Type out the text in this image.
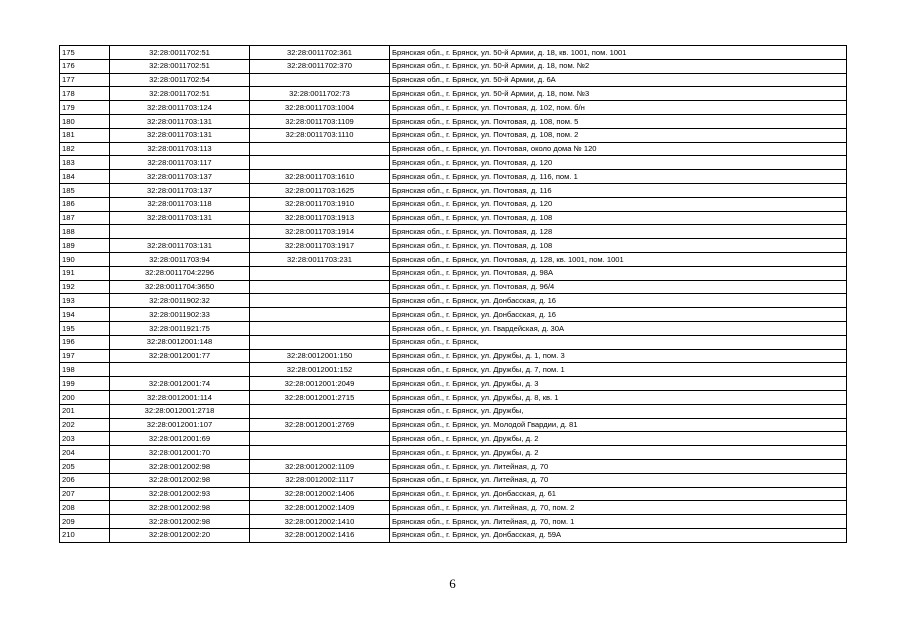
175	32:28:0011702:51	32:28:0011702:361	Брянская обл., г. Брянск, ул. 50-й Армии, д. 18, кв. 1001, пом. 1001
176	32:28:0011702:51	32:28:0011702:370	Брянская обл., г. Брянск, ул. 50-й Армии, д. 18, пом. №2
177	32:28:0011702:54		Брянская обл., г. Брянск, ул. 50-й Армии, д. 6А
178	32:28:0011702:51	32:28:0011702:73	Брянская обл., г. Брянск, ул. 50-й Армии, д. 18, пом. №3
179	32:28:0011703:124	32:28:0011703:1004	Брянская обл., г. Брянск, ул. Почтовая, д. 102, пом. б/н
180	32:28:0011703:131	32:28:0011703:1109	Брянская обл., г. Брянск, ул. Почтовая, д. 108, пом. 5
181	32:28:0011703:131	32:28:0011703:1110	Брянская обл., г. Брянск, ул. Почтовая, д. 108, пом. 2
182	32:28:0011703:113		Брянская обл., г. Брянск, ул. Почтовая, около дома № 120
183	32:28:0011703:117		Брянская обл., г. Брянск, ул. Почтовая, д. 120
184	32:28:0011703:137	32:28:0011703:1610	Брянская обл., г. Брянск, ул. Почтовая, д. 116, пом. 1
185	32:28:0011703:137	32:28:0011703:1625	Брянская обл., г. Брянск, ул. Почтовая, д. 116
186	32:28:0011703:118	32:28:0011703:1910	Брянская обл., г. Брянск, ул. Почтовая, д. 120
187	32:28:0011703:131	32:28:0011703:1913	Брянская обл., г. Брянск, ул. Почтовая, д. 108
188		32:28:0011703:1914	Брянская обл., г. Брянск, ул. Почтовая, д. 128
189	32:28:0011703:131	32:28:0011703:1917	Брянская обл., г. Брянск, ул. Почтовая, д. 108
190	32:28:0011703:94	32:28:0011703:231	Брянская обл., г. Брянск, ул. Почтовая, д. 128, кв. 1001, пом. 1001
191	32:28:0011704:2296		Брянская обл., г. Брянск, ул. Почтовая, д. 98А
192	32:28:0011704:3650		Брянская обл., г. Брянск, ул. Почтовая, д. 96/4
193	32:28:0011902:32		Брянская обл., г. Брянск, ул. Донбасская, д. 16
194	32:28:0011902:33		Брянская обл., г. Брянск, ул. Донбасская, д. 16
195	32:28:0011921:75		Брянская обл., г. Брянск, ул. Гвардейская, д. 30А
196	32:28:0012001:148		Брянская обл., г. Брянск,
197	32:28:0012001:77	32:28:0012001:150	Брянская обл., г. Брянск, ул. Дружбы, д. 1, пом. 3
198		32:28:0012001:152	Брянская обл., г. Брянск, ул. Дружбы, д. 7, пом. 1
199	32:28:0012001:74	32:28:0012001:2049	Брянская обл., г. Брянск, ул. Дружбы, д. 3
200	32:28:0012001:114	32:28:0012001:2715	Брянская обл., г. Брянск, ул. Дружбы, д. 8, кв. 1
201	32:28:0012001:2718		Брянская обл., г. Брянск, ул. Дружбы,
202	32:28:0012001:107	32:28:0012001:2769	Брянская обл., г. Брянск, ул. Молодой Гвардии, д. 81
203	32:28:0012001:69		Брянская обл., г. Брянск, ул. Дружбы, д. 2
204	32:28:0012001:70		Брянская обл., г. Брянск, ул. Дружбы, д. 2
205	32:28:0012002:98	32:28:0012002:1109	Брянская обл., г. Брянск, ул. Литейная, д. 70
206	32:28:0012002:98	32:28:0012002:1117	Брянская обл., г. Брянск, ул. Литейная, д. 70
207	32:28:0012002:93	32:28:0012002:1406	Брянская обл., г. Брянск, ул. Донбасская, д. 61
208	32:28:0012002:98	32:28:0012002:1409	Брянская обл., г. Брянск, ул. Литейная, д. 70, пом. 2
209	32:28:0012002:98	32:28:0012002:1410	Брянская обл., г. Брянск, ул. Литейная, д. 70, пом. 1
210	32:28:0012002:20	32:28:0012002:1416	Брянская обл., г. Брянск, ул. Донбасская, д. 59А
6
